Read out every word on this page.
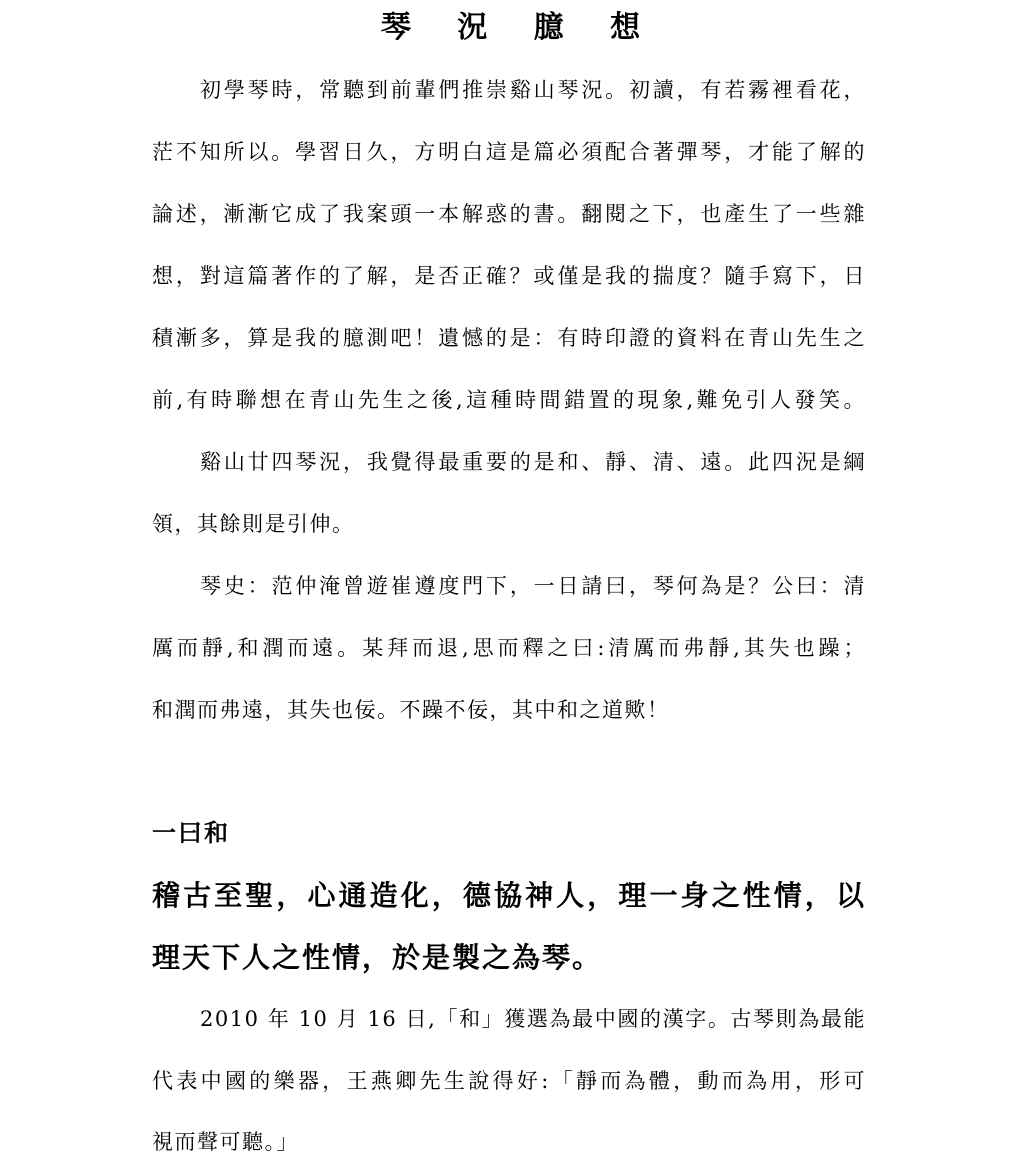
琴 況 臆 想
初學琴時，常聽到前輩們推崇谿山琴況。初讀，有若霧裡看花，
茫不知所以。學習日久，方明白這是篇必須配合著彈琴，才能了解的
論述，漸漸它成了我案頭一本解惑的書。翻閱之下，也產生了一些雜
想，對這篇著作的了解，是否正確？或僅是我的揣度？隨手寫下，日
積漸多，算是我的臆測吧！遺憾的是：有時印證的資料在青山先生之
前,有時聯想在青山先生之後,這種時間錯置的現象,難免引人發笑。
谿山廿四琴況，我覺得最重要的是和、靜、清、遠。此四況是綱
領，其餘則是引伸。
琴史：范仲淹曾遊崔遵度門下，一日請曰，琴何為是？公曰：清
厲而靜,和潤而遠。某拜而退,思而釋之曰:清厲而弗靜,其失也躁；
和潤而弗遠，其失也佞。不躁不佞，其中和之道歟！
一曰和
稽古至聖，心通造化，德協神人，理一身之性情，以
理天下人之性情，於是製之為琴。
2010 年 10 月 16 日,「和」獲選為最中國的漢字。古琴則為最能
代表中國的樂器，王燕卿先生說得好:「靜而為體，動而為用，形可
視而聲可聽。」
